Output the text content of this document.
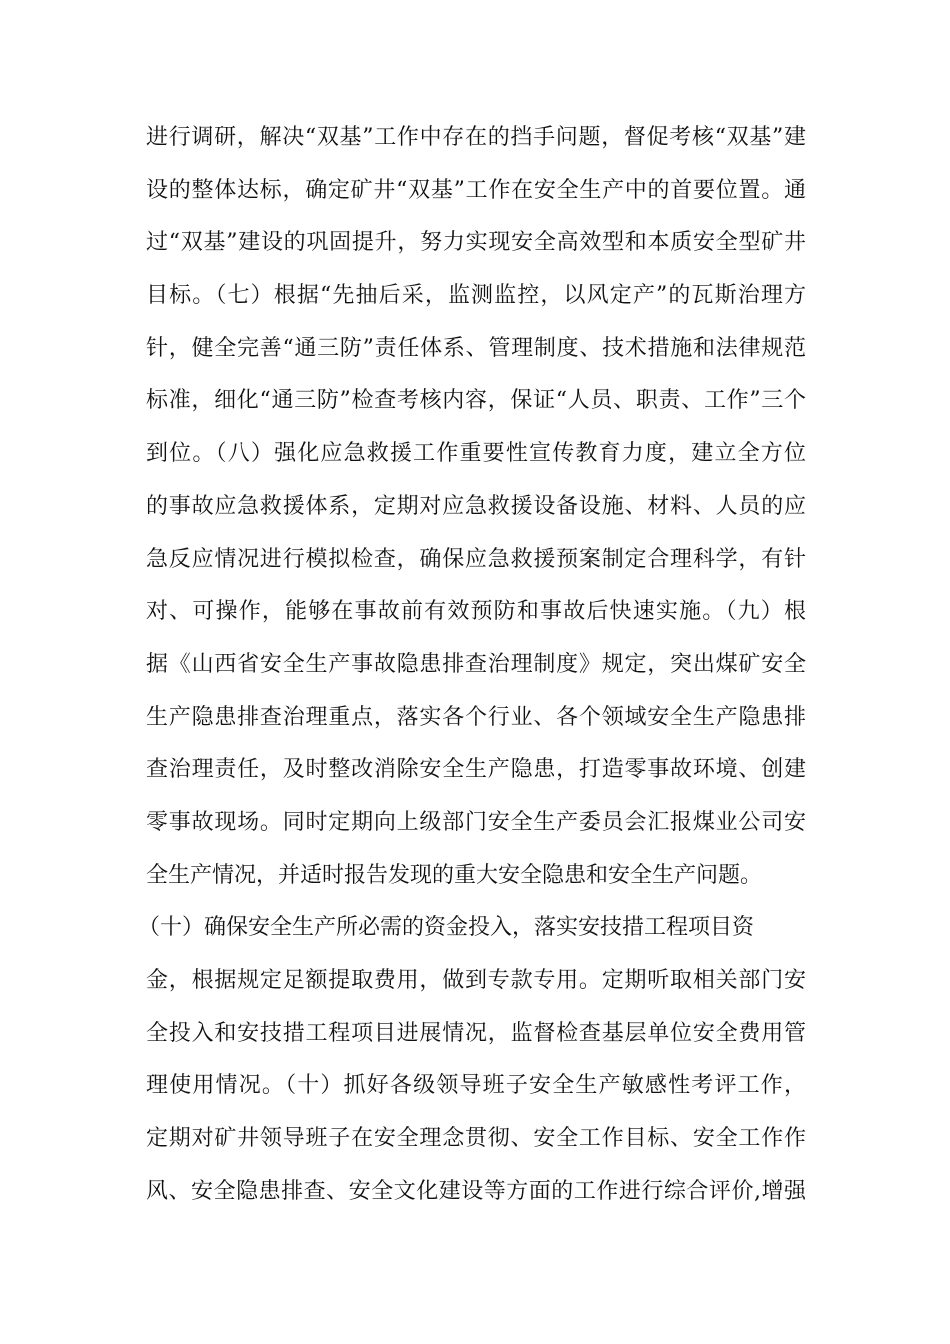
进行调研，解决“双基”工作中存在的挡手问题，督促考核“双基”建
设的整体达标，确定矿井“双基”工作在安全生产中的首要位置。通
过“双基”建设的巩固提升，努力实现安全高效型和本质安全型矿井
目标。（七）根据“先抽后采，监测监控，以风定产”的瓦斯治理方
针，健全完善“通三防”责任体系、管理制度、技术措施和法律规范
标准，细化“通三防”检查考核内容，保证“人员、职责、工作”三个
到位。（八）强化应急救援工作重要性宣传教育力度，建立全方位
的事故应急救援体系，定期对应急救援设备设施、材料、人员的应
急反应情况进行模拟检查，确保应急救援预案制定合理科学，有针
对、可操作，能够在事故前有效预防和事故后快速实施。（九）根
据《山西省安全生产事故隐患排查治理制度》规定，突出煤矿安全
生产隐患排查治理重点，落实各个行业、各个领域安全生产隐患排
查治理责任，及时整改消除安全生产隐患，打造零事故环境、创建
零事故现场。同时定期向上级部门安全生产委员会汇报煤业公司安
全生产情况，并适时报告发现的重大安全隐患和安全生产问题。
（十）确保安全生产所必需的资金投入，落实安技措工程项目资
金，根据规定足额提取费用，做到专款专用。定期听取相关部门安
全投入和安技措工程项目进展情况，监督检查基层单位安全费用管
理使用情况。（十）抓好各级领导班子安全生产敏感性考评工作，
定期对矿井领导班子在安全理念贯彻、安全工作目标、安全工作作
风、安全隐患排查、安全文化建设等方面的工作进行综合评价,增强
